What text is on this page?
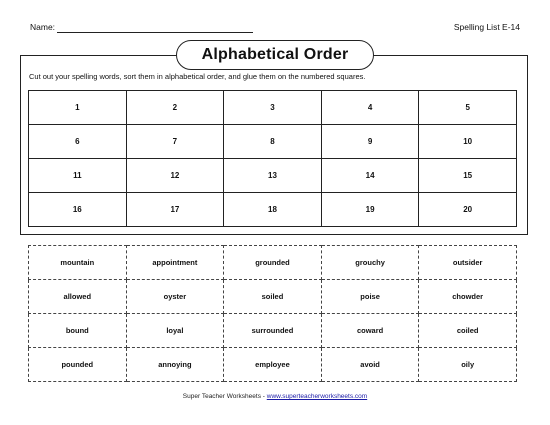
Name:	Spelling List E-14
Alphabetical Order
Cut out your spelling words, sort them in alphabetical order, and glue them on the numbered squares.
1	2	3	4	5
6	7	8	9	10
11	12	13	14	15
16	17	18	19	20
mountain	appointment	grounded	grouchy	outsider
allowed	oyster	soiled	poise	chowder
bound	loyal	surrounded	coward	coiled
pounded	annoying	employee	avoid	oily
Super Teacher Worksheets - www.superteacherworksheets.com
